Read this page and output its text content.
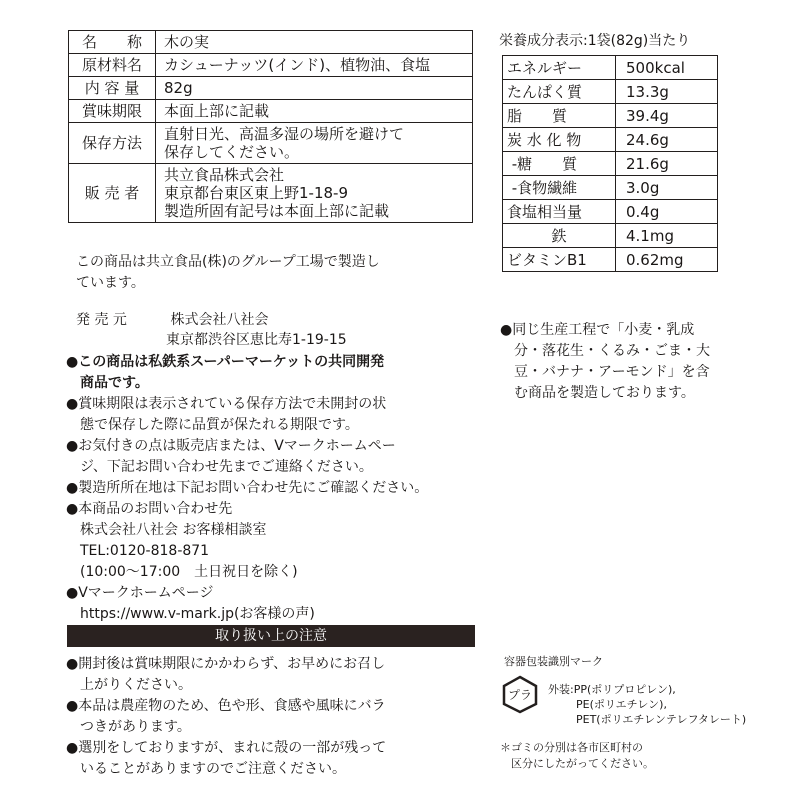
名　　称	木の実
原材料名	カシューナッツ(インド)、植物油、食塩
内 容 量	82g
賞味期限	本面上部に記載
保存方法	直射日光、高温多湿の場所を避けて
保存してください。
販 売 者	共立食品株式会社
東京都台東区東上野1-18-9
製造所固有記号は本面上部に記載
この商品は共立食品(株)のグループ工場で製造し
ています。
発 売 元	株式会社八社会
東京都渋谷区恵比寿1-19-15
●この商品は私鉄系スーパーマーケットの共同開発
　商品です。
●賞味期限は表示されている保存方法で未開封の状
　態で保存した際に品質が保たれる期限です。
●お気付きの点は販売店または、Vマークホームペー
　ジ、下記お問い合わせ先までご連絡ください。
●製造所所在地は下記お問い合わせ先にご確認ください。
●本商品のお問い合わせ先
　株式会社八社会 お客様相談室
　TEL:0120-818-871
　(10:00〜17:00　土日祝日を除く)
●Vマークホームページ
　https://www.v-mark.jp(お客様の声)
取り扱い上の注意
●開封後は賞味期限にかかわらず、お早めにお召し
　上がりください。
●本品は農産物のため、色や形、食感や風味にバラ
　つきがあります。
●選別をしておりますが、まれに殻の一部が残って
　いることがありますのでご注意ください。
栄養成分表示:1袋(82g)当たり
エネルギー	500kcal
たんぱく質	13.3g
脂　　質	39.4g
炭 水 化 物	24.6g
-糖　　質	21.6g
-食物繊維	3.0g
食塩相当量	0.4g
鉄	4.1mg
ビタミンB1	0.62mg
●同じ生産工程で「小麦・乳成
　分・落花生・くるみ・ごま・大
　豆・バナナ・アーモンド」を含
　む商品を製造しております。
容器包装識別マーク
プラ 外装:PP(ポリプロピレン),
PE(ポリエチレン),
PET(ポリエチレンテレフタレート)
＊ゴミの分別は各市区町村の
　区分にしたがってください。
